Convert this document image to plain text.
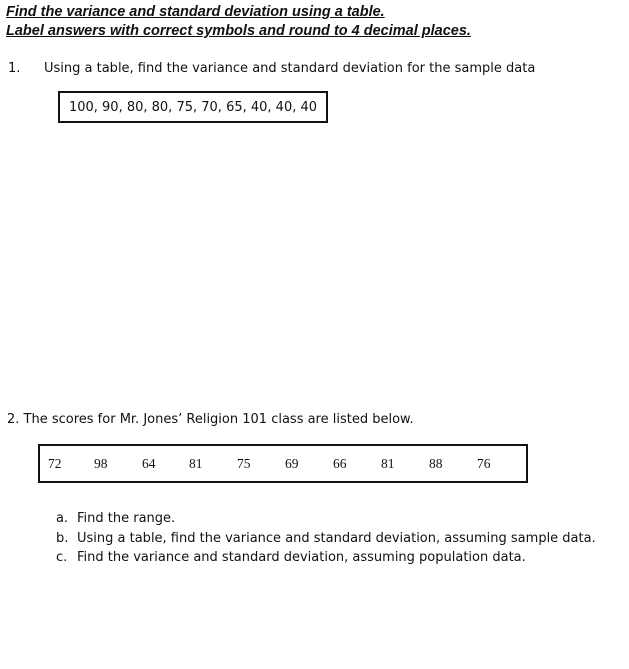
Find the variance and standard deviation using a table.
Label answers with correct symbols and round to 4 decimal places.
1. Using a table, find the variance and standard deviation for the sample data
100, 90, 80, 80, 75, 70, 65, 40, 40, 40
2. The scores for Mr. Jones’ Religion 101 class are listed below.
72 98	64 81	75	69	66	81	88	76
a. Find the range.
b. Using a table, find the variance and standard deviation, assuming sample data.
c. Find the variance and standard deviation, assuming population data.
